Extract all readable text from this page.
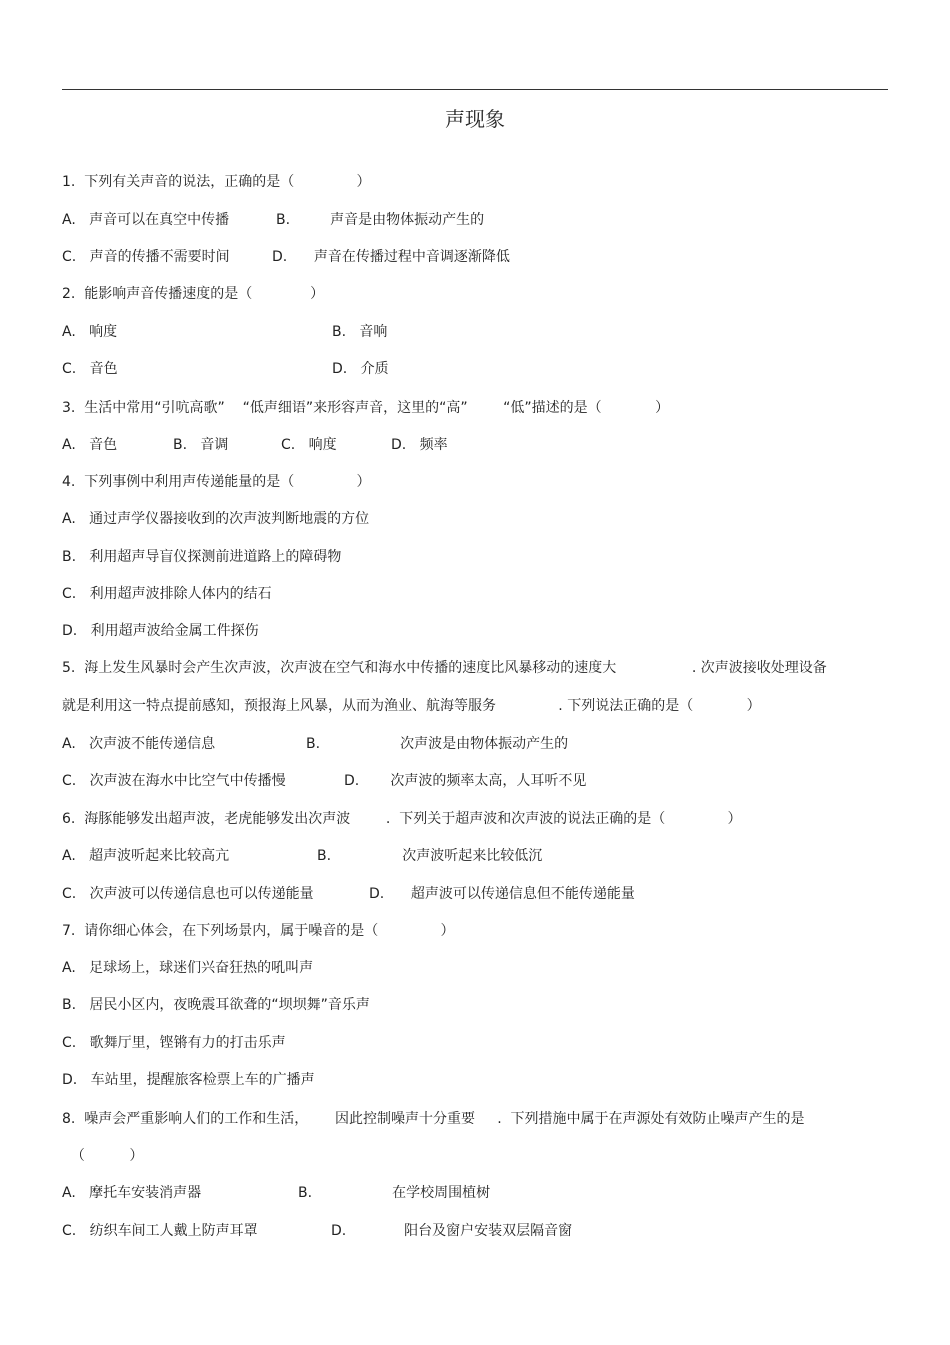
声现象
1.  下列有关声音的说法，正确的是（              ）

A.   声音可以在真空中传播

	B.         声音是由物体振动产生的

C.   声音的传播不需要时间

	D.      声音在传播过程中音调逐渐降低

2.  能影响声音传播速度的是（             ）

A.   响度

	B.   音响

C.   音色

	D.   介质

3.  生活中常用“引吭高歌”    “低声细语”来形容声音，这里的“高”        “低”描述的是（            ）

A.   音色

	B.   音调

	C.   响度

	D.   频率

4.  下列事例中利用声传递能量的是（              ）
A.   通过声学仪器接收到的次声波判断地震的方位
B.   利用超声导盲仪探测前进道路上的障碍物
C.   利用超声波排除人体内的结石
D.   利用超声波给金属工件探伤
5.  海上发生风暴时会产生次声波，次声波在空气和海水中传播的速度比风暴移动的速度大                 . 次声波接收处理设备
就是利用这一特点提前感知，预报海上风暴，从而为渔业、航海等服务              . 下列说法正确的是（            ）

A.   次声波不能传递信息

	B.                  次声波是由物体振动产生的

C.   次声波在海水中比空气中传播慢

	D.       次声波的频率太高，人耳听不见

6.  海豚能够发出超声波，老虎能够发出次声波        .  下列关于超声波和次声波的说法正确的是（              ）

A.   超声波听起来比较高亢

	B.                次声波听起来比较低沉

C.   次声波可以传递信息也可以传递能量

	D.      超声波可以传递信息但不能传递能量

7.  请你细心体会，在下列场景内，属于噪音的是（              ）
A.   足球场上，球迷们兴奋狂热的吼叫声
B.   居民小区内，夜晚震耳欲聋的“坝坝舞”音乐声
C.   歌舞厅里，铿锵有力的打击乐声
D.   车站里，提醒旅客检票上车的广播声
8.  噪声会严重影响人们的工作和生活，      因此控制噪声十分重要     .  下列措施中属于在声源处有效防止噪声产生的是
（          ）

A.   摩托车安装消声器

	B.                  在学校周围植树

C.   纺织车间工人戴上防声耳罩

	D.             阳台及窗户安装双层隔音窗
